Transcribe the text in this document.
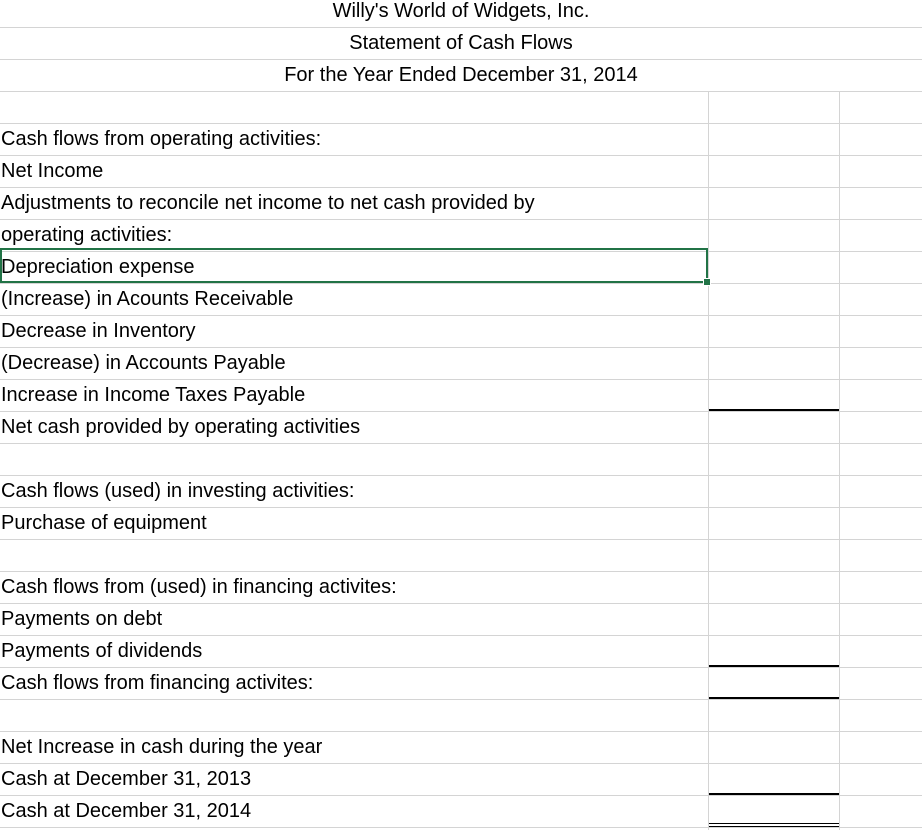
Willy's World of Widgets, Inc.
Statement of Cash Flows
For the Year Ended December 31, 2014
Cash flows from operating activities:
Net Income
Adjustments to reconcile net income to net cash provided by
operating activities:
Depreciation expense
(Increase) in Acounts Receivable
Decrease in Inventory
(Decrease) in Accounts Payable
Increase in Income Taxes Payable
Net cash provided by operating activities
Cash flows (used) in investing activities:
Purchase of equipment
Cash flows from (used) in financing activites:
Payments on debt
Payments of dividends
Cash flows from financing activites:
Net Increase in cash during the year
Cash at December 31, 2013
Cash at December 31, 2014
